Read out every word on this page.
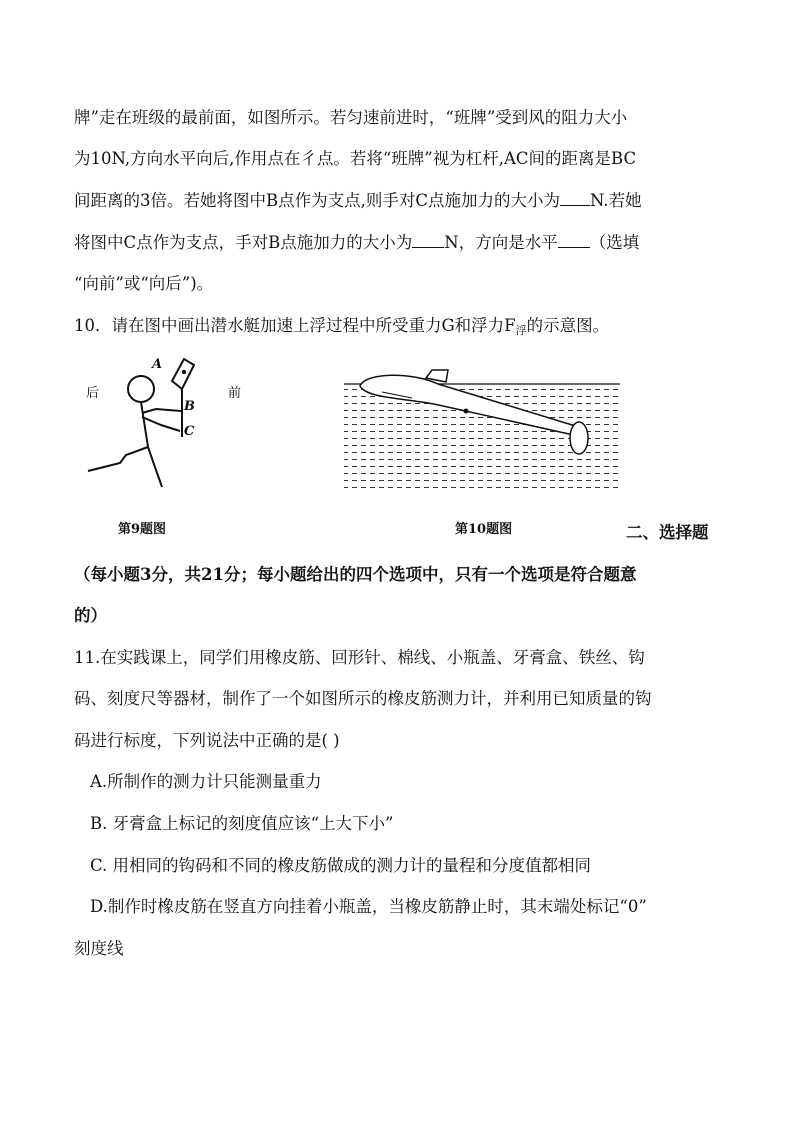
牌”走在班级的最前面，如图所示。若匀速前进时，“班牌”受到风的阻力大小
为10N,方向水平向后,作用点在彳点。若将“班牌”视为杠杆,AC间的距离是BC
间距离的3倍。若她将图中B点作为支点,则手对C点施加力的大小为 N.若她
将图中C点作为支点，手对B点施加力的大小为 N，方向是水平 （选填
“向前”或“向后”)。
10．请在图中画出潜水艇加速上浮过程中所受重力G和浮力$F_浮$的示意图。
后	前
A
B
C
第9题图	第10题图	二、选择题
（每小题3分，共21分；每小题给出的四个选项中，只有一个选项是符合题意
的）
11.在实践课上，同学们用橡皮筋、回形针、棉线、小瓶盖、牙膏盒、铁丝、钩
码、刻度尺等器材，制作了一个如图所示的橡皮筋测力计，并利用已知质量的钩
码进行标度，下列说法中正确的是( )
A.所制作的测力计只能测量重力
B. 牙膏盒上标记的刻度值应该“上大下小”
C. 用相同的钩码和不同的橡皮筋做成的测力计的量程和分度值都相同
D.制作时橡皮筋在竖直方向挂着小瓶盖，当橡皮筋静止时，其末端处标记“0”
刻度线
